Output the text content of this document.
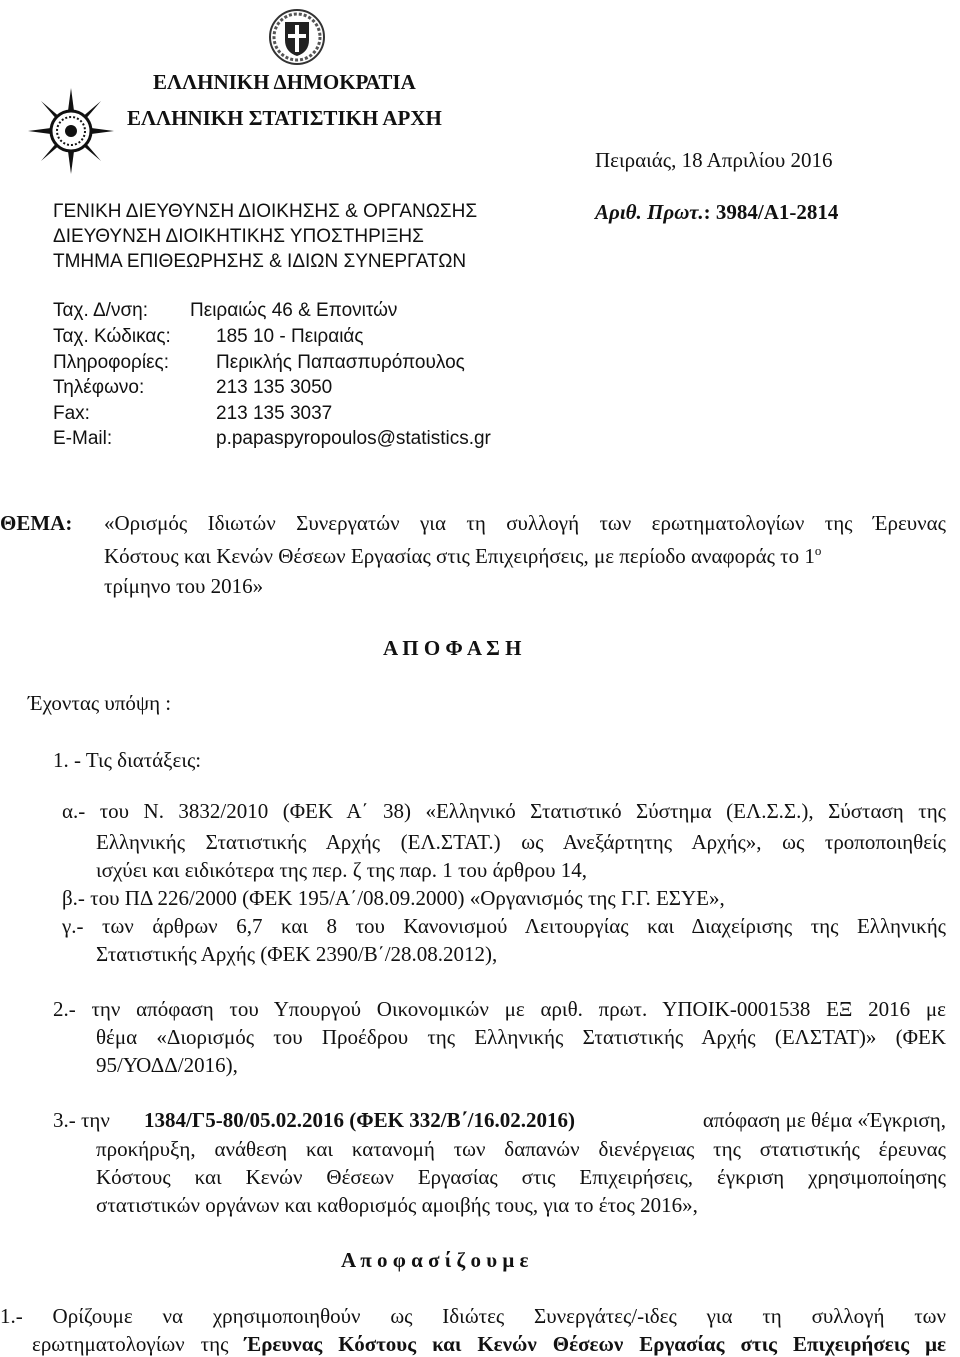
ΕΛΛΗΝΙΚΗ ΔΗΜΟΚΡΑΤΙΑ
ΕΛΛΗΝΙΚΗ ΣΤΑΤΙΣΤΙΚΗ ΑΡΧΗ
Πειραιάς, 18 Απριλίου 2016
Αριθ. Πρωτ.: 3984/Α1-2814
ΓΕΝΙΚΗ ΔΙΕΥΘΥΝΣΗ ΔΙΟΙΚΗΣΗΣ & ΟΡΓΑΝΩΣΗΣ
ΔΙΕΥΘΥΝΣΗ ΔΙΟΙΚΗΤΙΚΗΣ ΥΠΟΣΤΗΡΙΞΗΣ
ΤΜΗΜΑ ΕΠΙΘΕΩΡΗΣΗΣ & ΙΔΙΩΝ ΣΥΝΕΡΓΑΤΩΝ
Ταχ. Δ/νση: Πειραιώς 46 & Επονιτών
Ταχ. Κώδικας: 185 10 - Πειραιάς
Πληροφορίες: Περικλής Παπασπυρόπουλος
Τηλέφωνο:	213 135 3050
Fax:	213 135 3037
E-Mail:	p.papaspyropoulos@statistics.gr
ΘΕΜΑ: «Ορισμός Ιδιωτών Συνεργατών για τη συλλογή των ερωτηματολογίων της Έρευνας
Κόστους και Κενών Θέσεων Εργασίας στις Επιχειρήσεις, με περίοδο αναφοράς το $1^o$
τρίμηνο του 2016»
Α Π Ο Φ Α Σ Η
Έχοντας υπόψη :
1. - Τις διατάξεις:
α.- του Ν. 3832/2010 (ΦΕΚ Α΄ 38) «Ελληνικό Στατιστικό Σύστημα (ΕΛ.Σ.Σ.), Σύσταση της
Ελληνικής Στατιστικής Αρχής (ΕΛ.ΣΤΑΤ.) ως Ανεξάρτητης Αρχής», ως τροποποιηθείς
ισχύει και ειδικότερα της περ. ζ της παρ. 1 του άρθρου 14,
β.- του ΠΔ 226/2000 (ΦΕΚ 195/Α΄/08.09.2000) «Οργανισμός της Γ.Γ. ΕΣΥΕ»,
γ.- των άρθρων 6,7 και 8 του Κανονισμού Λειτουργίας και Διαχείρισης της Ελληνικής
Στατιστικής Αρχής (ΦΕΚ 2390/Β΄/28.08.2012),
2.- την απόφαση του Υπουργού Οικονομικών με αριθ. πρωτ. ΥΠΟΙΚ-0001538 ΕΞ 2016 με
θέμα «Διορισμός του Προέδρου της Ελληνικής Στατιστικής Αρχής (ΕΛΣΤΑΤ)» (ΦΕΚ
95/ΥΟΔΔ/2016),
3.- την 1384/Γ5-80/05.02.2016 (ΦΕΚ 332/Β΄/16.02.2016)	απόφαση με θέμα «Έγκριση,
προκήρυξη, ανάθεση και κατανομή των δαπανών διενέργειας της στατιστικής έρευνας
Κόστους και Κενών Θέσεων Εργασίας στις Επιχειρήσεις, έγκριση χρησιμοποίησης
στατιστικών οργάνων και καθορισμός αμοιβής τους, για το έτος 2016»,
Α π ο φ α σ ί ζ ο υ μ ε
1.- Ορίζουμε να χρησιμοποιηθούν ως Ιδιώτες Συνεργάτες/-ιδες για τη συλλογή των
ερωτηματολογίων της Έρευνας Κόστους και Κενών Θέσεων Εργασίας στις Επιχειρήσεις με
